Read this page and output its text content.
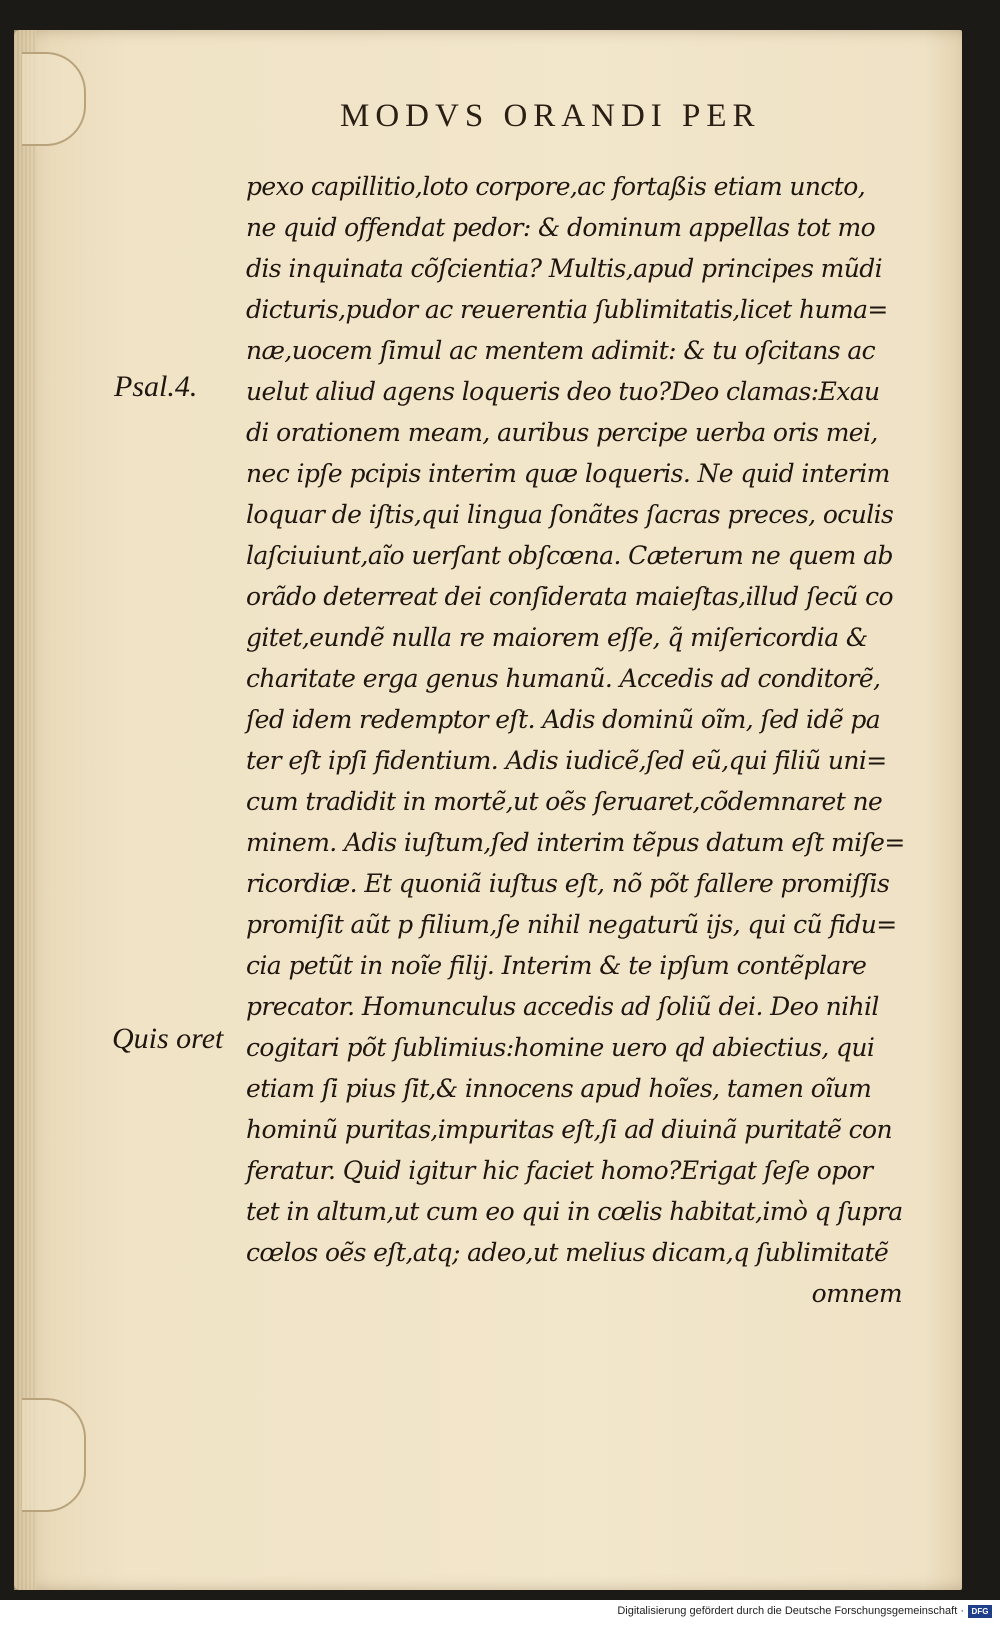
MODVS ORANDI PER
Psal.4.
Quis oret
pexo capillitio,loto corpore,ac fortaßis etiam uncto,
ne quid offendat pedor: & dominum appellas tot mo
dis inquinata cõſcientia? Multis,apud principes mũdi
dicturis,pudor ac reuerentia ſublimitatis,licet huma=
næ,uocem ſimul ac mentem adimit: & tu oſcitans ac
uelut aliud agens loqueris deo tuo?Deo clamas:Exau
di orationem meam, auribus percipe uerba oris mei,
nec ipſe pcipis interim quæ loqueris. Ne quid interim
loquar de iſtis,qui lingua ſonãtes ſacras preces, oculis
laſciuiunt,aĩo uerſant obſcœna. Cæterum ne quem ab
orãdo deterreat dei conſiderata maieſtas,illud ſecũ co
gitet,eundẽ nulla re maiorem eſſe, q̃ miſericordia &
charitate erga genus humanũ. Accedis ad conditorẽ,
ſed idem redemptor eſt. Adis dominũ oĩm, ſed idẽ pa
ter eſt ipſi fidentium. Adis iudicẽ,ſed eũ,qui filiũ uni=
cum tradidit in mortẽ,ut oẽs ſeruaret,cõdemnaret ne
minem. Adis iuſtum,ſed interim tẽpus datum eſt miſe=
ricordiæ. Et quoniã iuſtus eſt, nõ põt fallere promiſſis
promiſit aũt p filium,ſe nihil negaturũ ijs, qui cũ fidu=
cia petũt in noĩe filij. Interim & te ipſum contẽplare
precator. Homunculus accedis ad ſoliũ dei. Deo nihil
cogitari põt ſublimius:homine uero qd abiectius, qui
etiam ſi pius ſit,& innocens apud hoĩes, tamen oĩum
hominũ puritas,impuritas eſt,ſi ad diuinã puritatẽ con
feratur. Quid igitur hic faciet homo?Erigat ſeſe opor
tet in altum,ut cum eo qui in cœlis habitat,imò q ſupra
cœlos oẽs eſt,atq; adeo,ut melius dicam,q ſublimitatẽ
omnem
Digitalisierung gefördert durch die Deutsche Forschungsgemeinschaft · DFG
